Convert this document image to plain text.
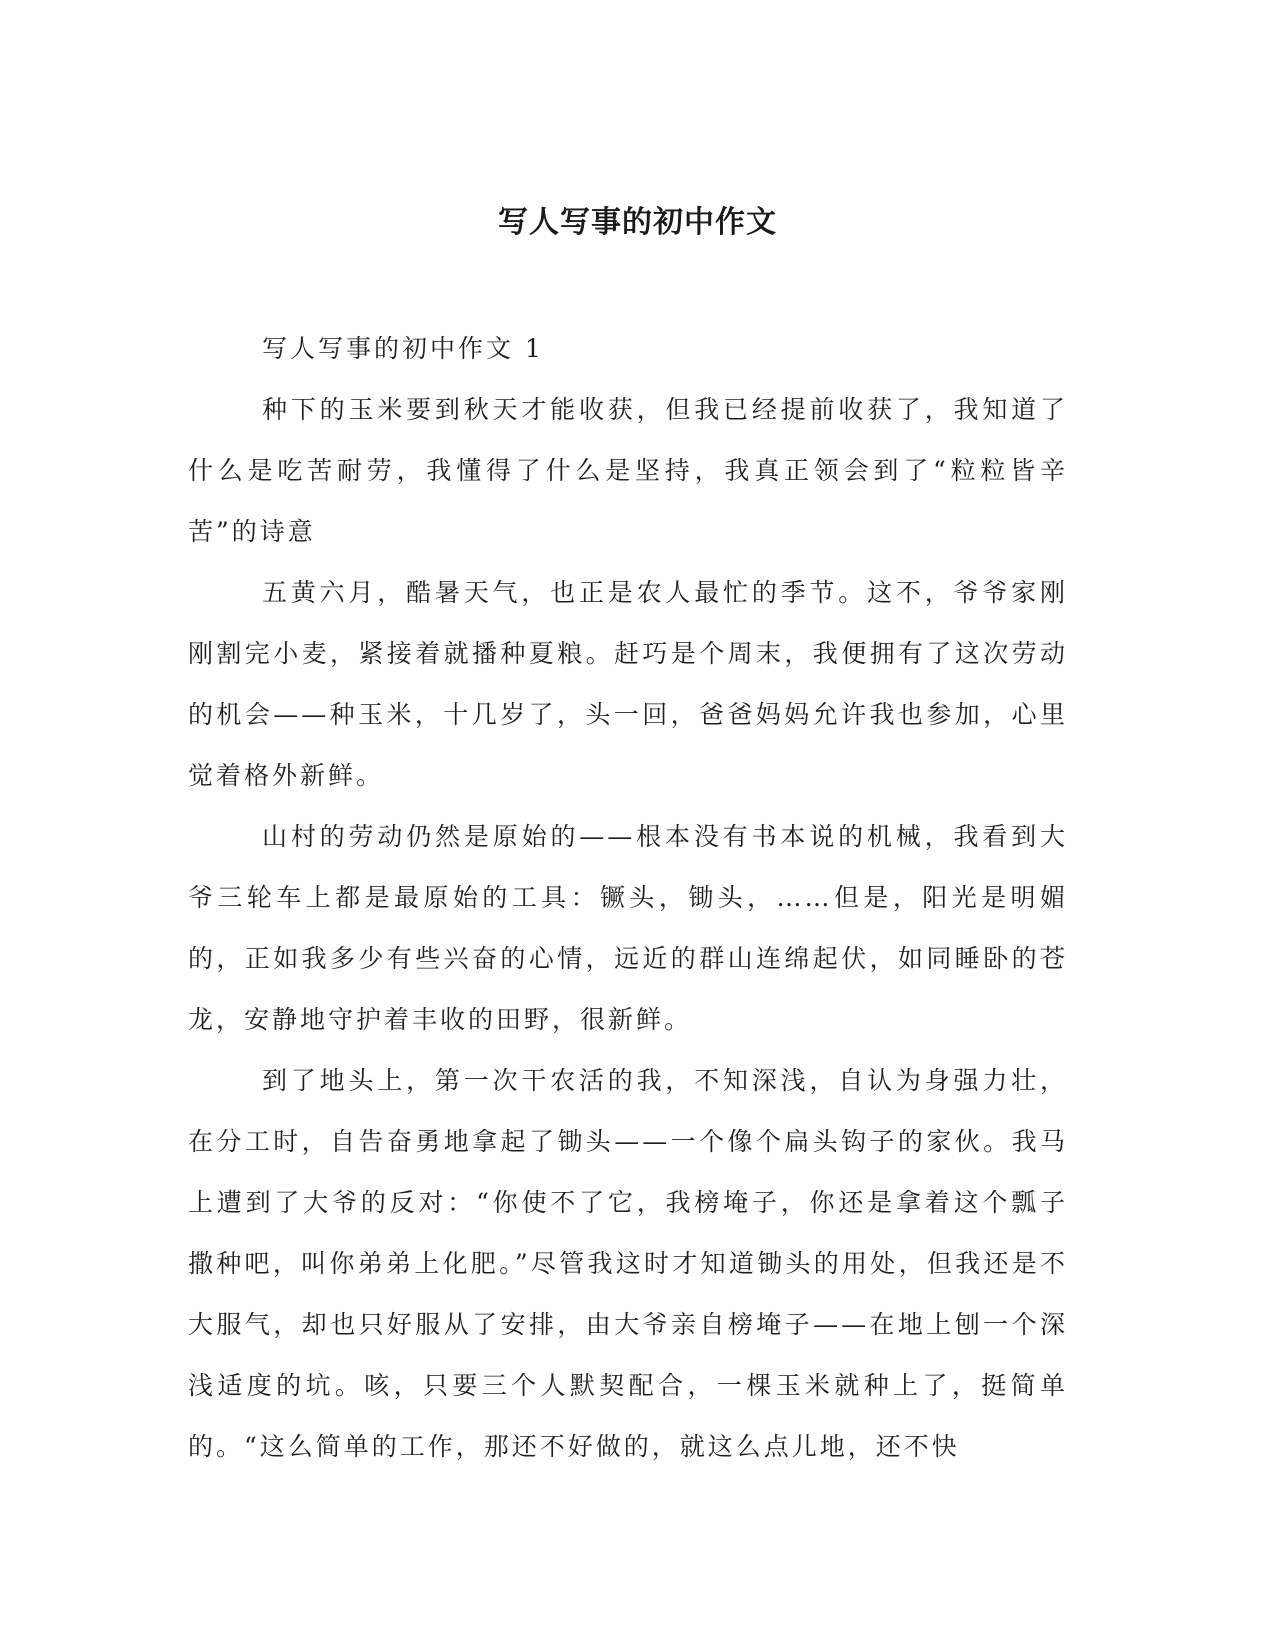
写人写事的初中作文

写人写事的初中作文 1

种下的玉米要到秋天才能收获，但我已经提前收获了，我知道了什么是吃苦耐劳，我懂得了什么是坚持，我真正领会到了“粒粒皆辛苦”的诗意

五黄六月，酷暑天气，也正是农人最忙的季节。这不，爷爷家刚刚割完小麦，紧接着就播种夏粮。赶巧是个周末，我便拥有了这次劳动的机会——种玉米，十几岁了，头一回，爸爸妈妈允许我也参加，心里觉着格外新鲜。

山村的劳动仍然是原始的——根本没有书本说的机械，我看到大爷三轮车上都是最原始的工具：镢头，锄头，……但是，阳光是明媚的，正如我多少有些兴奋的心情，远近的群山连绵起伏，如同睡卧的苍龙，安静地守护着丰收的田野，很新鲜。

到了地头上，第一次干农活的我，不知深浅，自认为身强力壮，在分工时，自告奋勇地拿起了锄头——一个像个扁头钩子的家伙。我马上遭到了大爷的反对：“你使不了它，我榜埯子，你还是拿着这个瓢子撒种吧，叫你弟弟上化肥。”尽管我这时才知道锄头的用处，但我还是不大服气，却也只好服从了安排，由大爷亲自榜埯子——在地上刨一个深浅适度的坑。咳，只要三个人默契配合，一棵玉米就种上了，挺简单的。“这么简单的工作，那还不好做的，就这么点儿地，还不快
